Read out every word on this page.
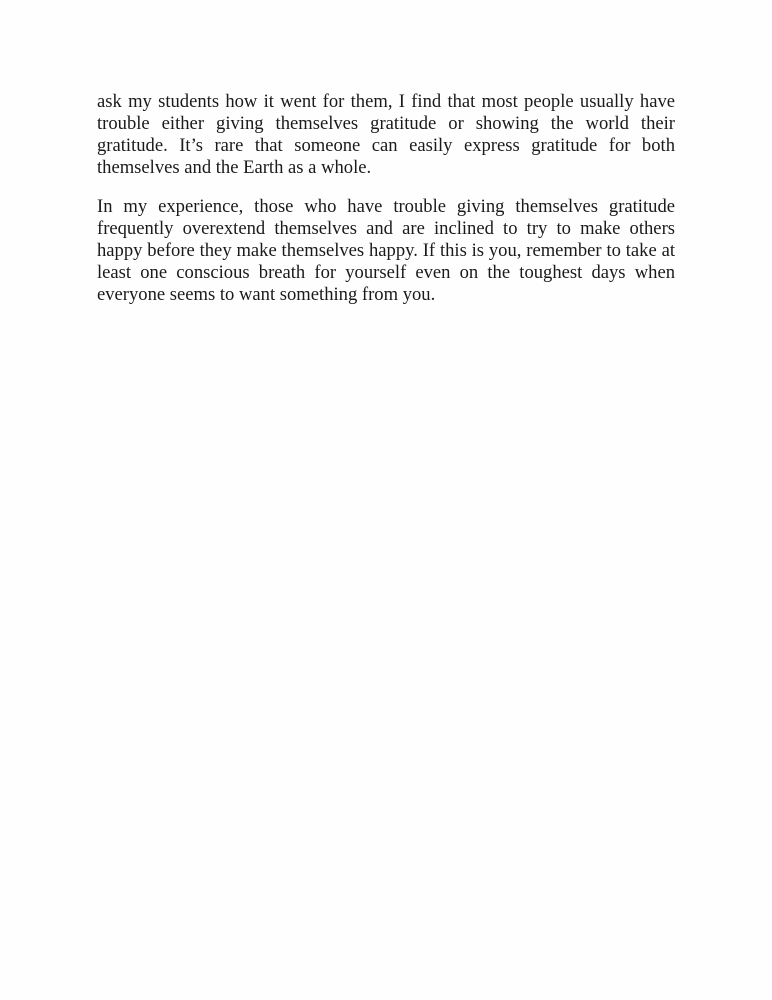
ask my students how it went for them, I find that most people usually have trouble either giving themselves gratitude or showing the world their gratitude. It’s rare that someone can easily express gratitude for both themselves and the Earth as a whole.

In my experience, those who have trouble giving themselves gratitude frequently overextend themselves and are inclined to try to make others happy before they make themselves happy. If this is you, remember to take at least one conscious breath for yourself even on the toughest days when everyone seems to want something from you.
